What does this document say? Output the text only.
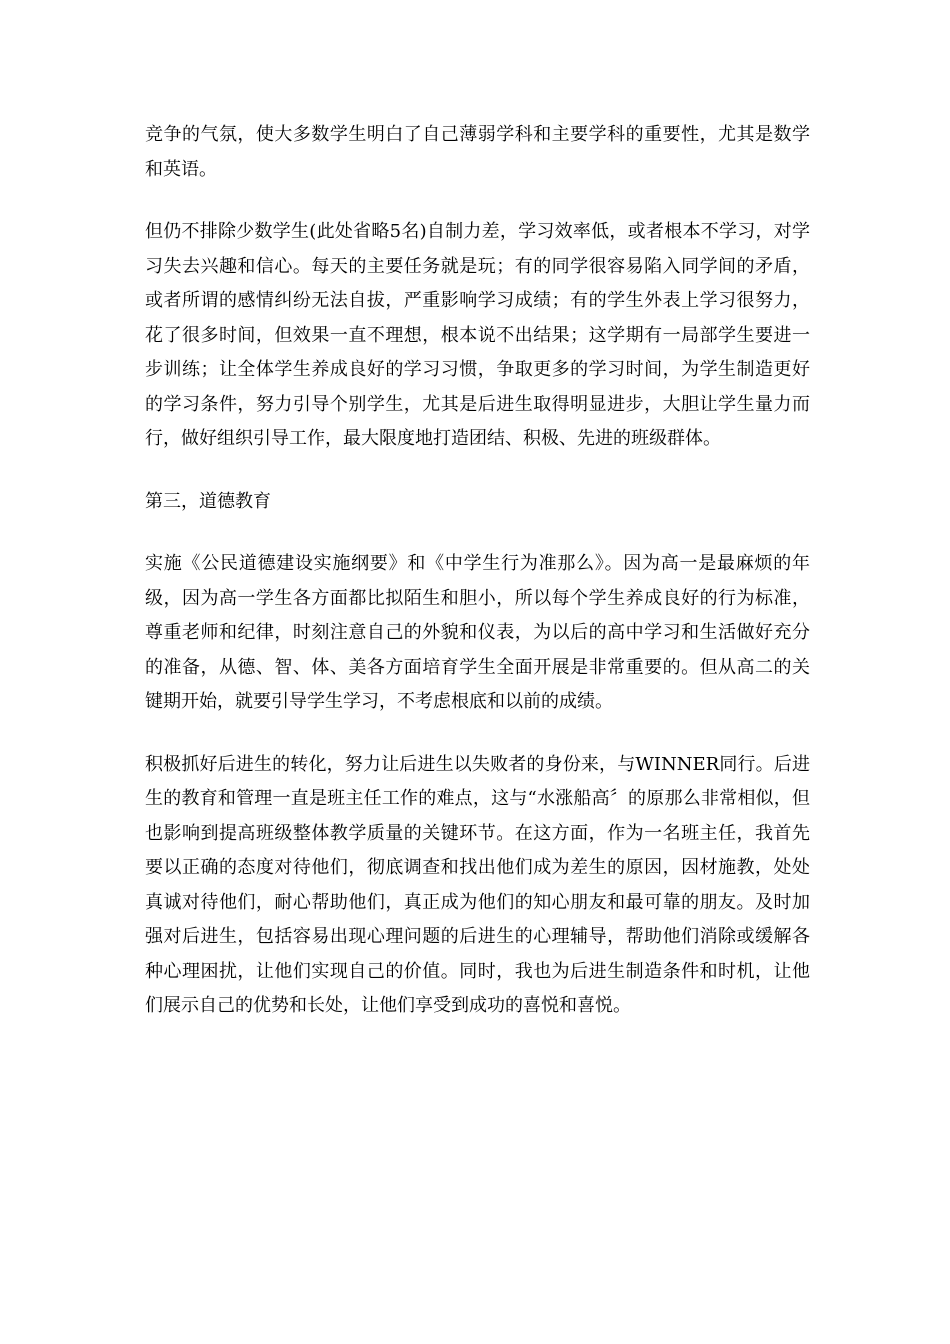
竞争的气氛，使大多数学生明白了自己薄弱学科和主要学科的重要性，尤其是数学和英语。

但仍不排除少数学生(此处省略5名)自制力差，学习效率低，或者根本不学习，对学习失去兴趣和信心。每天的主要任务就是玩；有的同学很容易陷入同学间的矛盾，或者所谓的感情纠纷无法自拔，严重影响学习成绩；有的学生外表上学习很努力，花了很多时间，但效果一直不理想，根本说不出结果；这学期有一局部学生要进一步训练；让全体学生养成良好的学习习惯，争取更多的学习时间，为学生制造更好的学习条件，努力引导个别学生，尤其是后进生取得明显进步，大胆让学生量力而行，做好组织引导工作，最大限度地打造团结、积极、先进的班级群体。

第三，道德教育

实施《公民道德建设实施纲要》和《中学生行为准那么》。因为高一是最麻烦的年级，因为高一学生各方面都比拟陌生和胆小，所以每个学生养成良好的行为标准，尊重老师和纪律，时刻注意自己的外貌和仪表，为以后的高中学习和生活做好充分的准备，从德、智、体、美各方面培育学生全面开展是非常重要的。但从高二的关键期开始，就要引导学生学习，不考虑根底和以前的成绩。

积极抓好后进生的转化，努力让后进生以失败者的身份来，与WINNER同行。后进生的教育和管理一直是班主任工作的难点，这与“水涨船高〞的原那么非常相似，但也影响到提高班级整体教学质量的关键环节。在这方面，作为一名班主任，我首先要以正确的态度对待他们，彻底调查和找出他们成为差生的原因，因材施教，处处真诚对待他们，耐心帮助他们，真正成为他们的知心朋友和最可靠的朋友。及时加强对后进生，包括容易出现心理问题的后进生的心理辅导，帮助他们消除或缓解各种心理困扰，让他们实现自己的价值。同时，我也为后进生制造条件和时机，让他们展示自己的优势和长处，让他们享受到成功的喜悦和喜悦。
